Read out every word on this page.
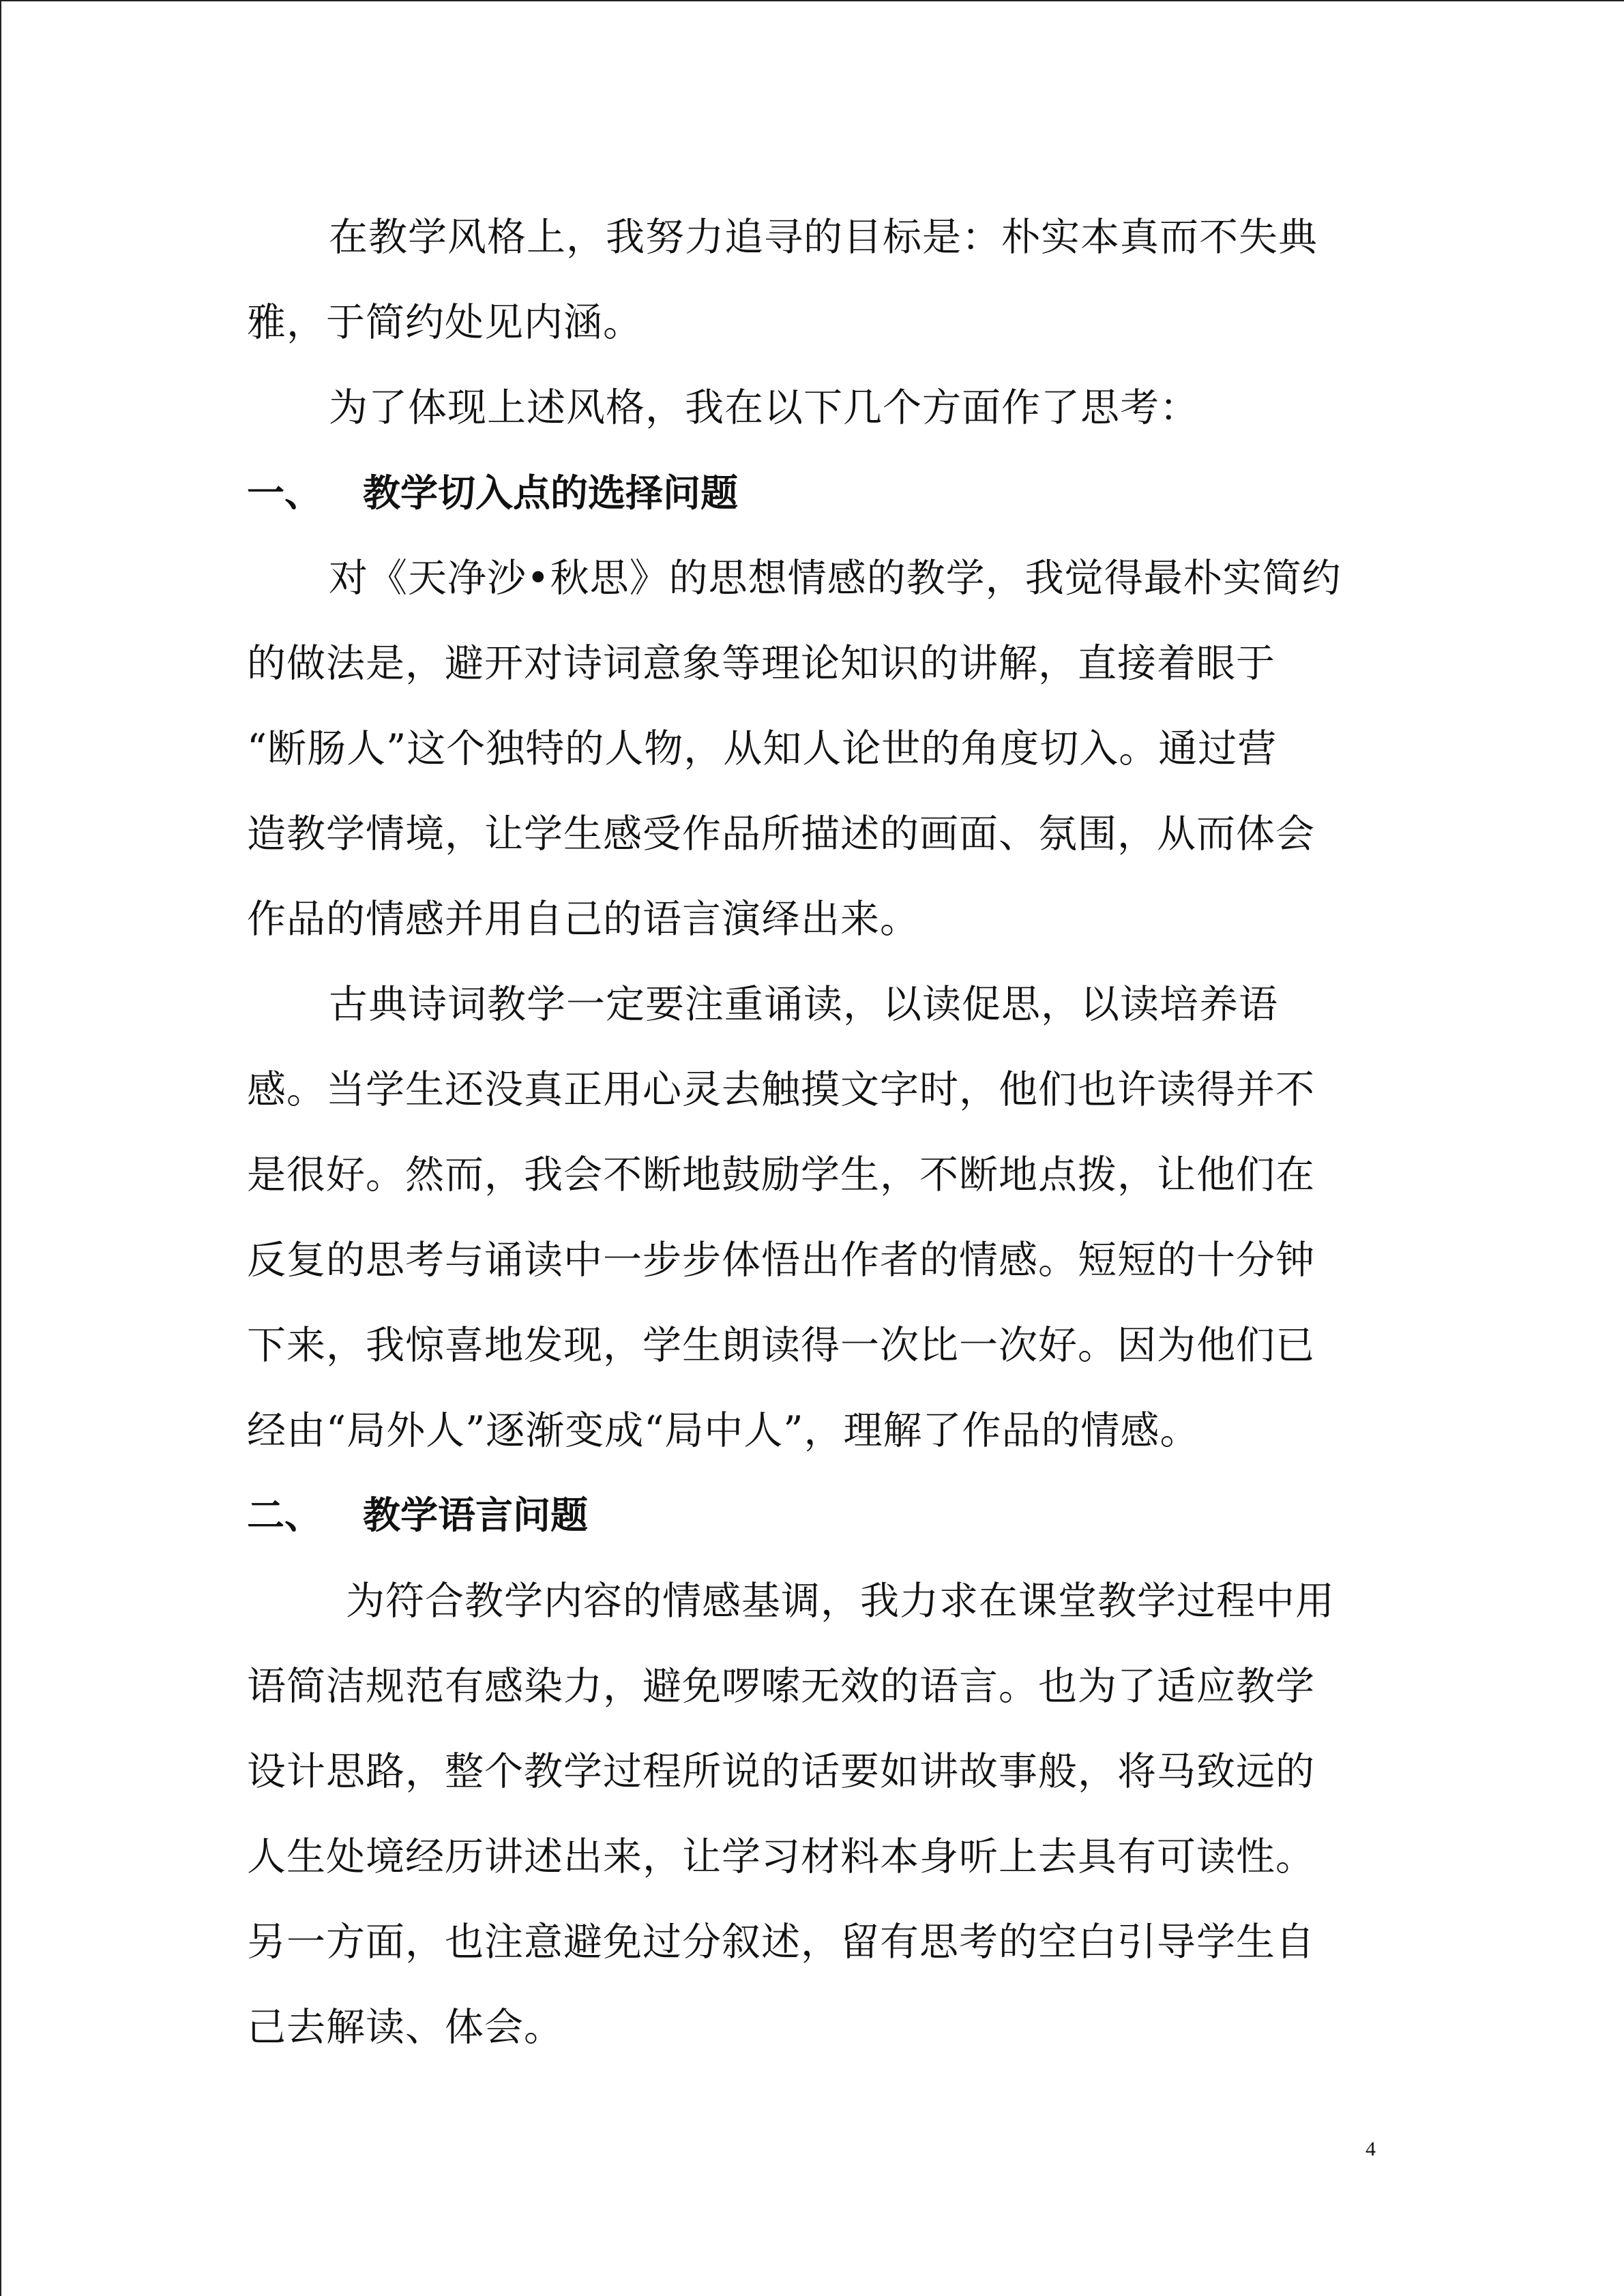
在教学风格上，我努力追寻的目标是：朴实本真而不失典
雅，于简约处见内涵。
为了体现上述风格，我在以下几个方面作了思考：
一、 教学切入点的选择问题
对《天净沙•秋思》的思想情感的教学，我觉得最朴实简约
的做法是，避开对诗词意象等理论知识的讲解，直接着眼于
“断肠人”这个独特的人物，从知人论世的角度切入。通过营
造教学情境，让学生感受作品所描述的画面、氛围，从而体会
作品的情感并用自己的语言演绎出来。
古典诗词教学一定要注重诵读，以读促思，以读培养语
感。当学生还没真正用心灵去触摸文字时，他们也许读得并不
是很好。然而，我会不断地鼓励学生，不断地点拨，让他们在
反复的思考与诵读中一步步体悟出作者的情感。短短的十分钟
下来，我惊喜地发现，学生朗读得一次比一次好。因为他们已
经由“局外人”逐渐变成“局中人”，理解了作品的情感。
二、 教学语言问题
为符合教学内容的情感基调，我力求在课堂教学过程中用
语简洁规范有感染力，避免啰嗦无效的语言。也为了适应教学
设计思路，整个教学过程所说的话要如讲故事般，将马致远的
人生处境经历讲述出来，让学习材料本身听上去具有可读性。
另一方面，也注意避免过分叙述，留有思考的空白引导学生自
己去解读、体会。
4
